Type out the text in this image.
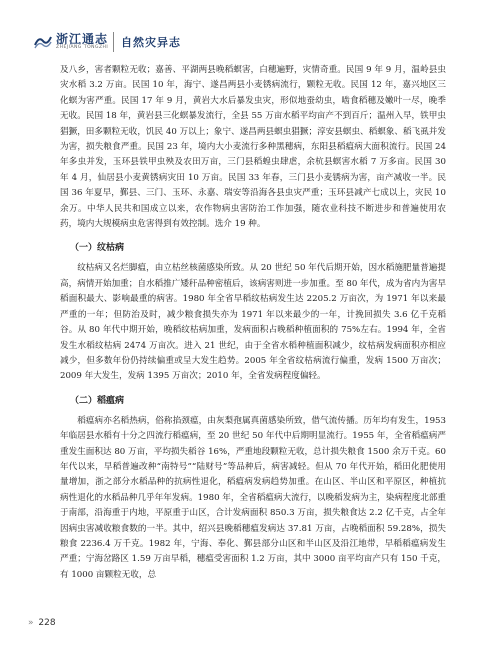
浙江通志
ZHEJIANG TONGZHI 自然灾异志

及八乡，害者颗粒无收；嘉善、平湖两县晚稻螟害，白穗遍野，灾情奇重。民国 9 年 9 月，温岭县虫灾水稻 3.2 万亩。民国 10 年，海宁、遂昌两县小麦锈病流行，颗粒无收。民国 12 年，嘉兴地区三化螟为害严重。民国 17 年 9 月，黄岩大水后暴发虫灾，形似地蚕幼虫，啮食稻穗及嫩叶一尽，晚季无收。民国 18 年，黄岩县三化螟暴发流行，全县 55 万亩水稻平均亩产不到百斤；温州入早，铁甲虫猖獗，田多颗粒无收，饥民 40 万以上；象宁、遂昌两县螟虫猖獗；淳安县螟虫、稻螟象、稻飞虱并发为害，损失粮食严重。民国 23 年，境内大小麦流行多种黑穗病，东阳县稻瘟病大面积流行。民国 24 年多虫并发，玉环县铁甲虫殃及农田万亩，三门县稻蝗虫肆虐，余杭县螟害水稻 7 万多亩。民国 30 年 4 月，仙居县小麦黄锈病灾田 10 万亩。民国 33 年春，三门县小麦锈病为害，亩产减收一半。民国 36 年夏早，鄞县、三门、玉环、永嘉、瑞安等沿海各县虫灾严重；玉环县减产七成以上，灾民 10 余万。中华人民共和国成立以来，农作物病虫害防治工作加强，随农业科技不断进步和普遍使用农药，境内大规模病虫危害得到有效控制。选介 19 种。

（一）纹枯病

纹枯病又名烂脚瘟，由立枯丝核菌感染所致。从 20 世纪 50 年代后期开始，因水稻施肥量普遍提高，病情开始加重；自水稻推广矮秆品种密植后，该病害则进一步加重。至 80 年代，成为省内为害早稻面积最大、影响最重的病害。1980 年全省早稻纹枯病发生达 2205.2 万亩次，为 1971 年以来最严重的一年；但防治及时，减少粮食损失亦为 1971 年以来最少的一年，计挽回损失 3.6 亿千克稻谷。从 80 年代中期开始，晚稻纹枯病加重，发病面积占晚稻种植面积的 75%左右。1994 年，全省发生水稻纹枯病 2474 万亩次。进入 21 世纪，由于全省水稻种植面积减少，纹枯病发病面积亦相应减少，但多数年份仍持续偏重或呈大发生趋势。2005 年全省纹枯病流行偏重，发病 1500 万亩次；2009 年大发生，发病 1395 万亩次；2010 年，全省发病程度偏轻。

（二）稻瘟病

稻瘟病亦名稻热病，俗称掐颈瘟，由灰梨孢属真菌感染所致，借气流传播。历年均有发生，1953 年临居县水稻有十分之四流行稻瘟病，至 20 世纪 50 年代中后期明显流行。1955 年，全省稻瘟病严重发生面积达 80 万亩，平均损失稻谷 16%，严重地段颗粒无收，总计损失粮食 1500 余万千克。60 年代以来，早稻普遍改种“南特号”“陆财号”等品种后，病害减轻。但从 70 年代开始，稻田化肥使用量增加，浙之部分水稻品种的抗病性退化，稻瘟病发病趋势加重。在山区、半山区和平原区，种植抗病性退化的水稻品种几乎年年发病。1980 年，全省稻瘟病大流行，以晚稻发病为主，染病程度北部重于南部，沿海重于内地，平原重于山区，合计发病面积 850.3 万亩，损失粮食达 2.2 亿千克，占全年因病虫害减收粮食数的一半。其中，绍兴县晚稻穗瘟发病达 37.81 万亩，占晚稻面积 59.28%，损失粮食 2236.4 万千克。1982 年，宁海、奉化、鄞县部分山区和半山区及沿江地带，早稻稻瘟病发生严重；宁海岔路区 1.59 万亩早稻，穗瘟受害面积 1.2 万亩，其中 3000 亩平均亩产只有 150 千克，有 1000 亩颗粒无收，总

» 228
